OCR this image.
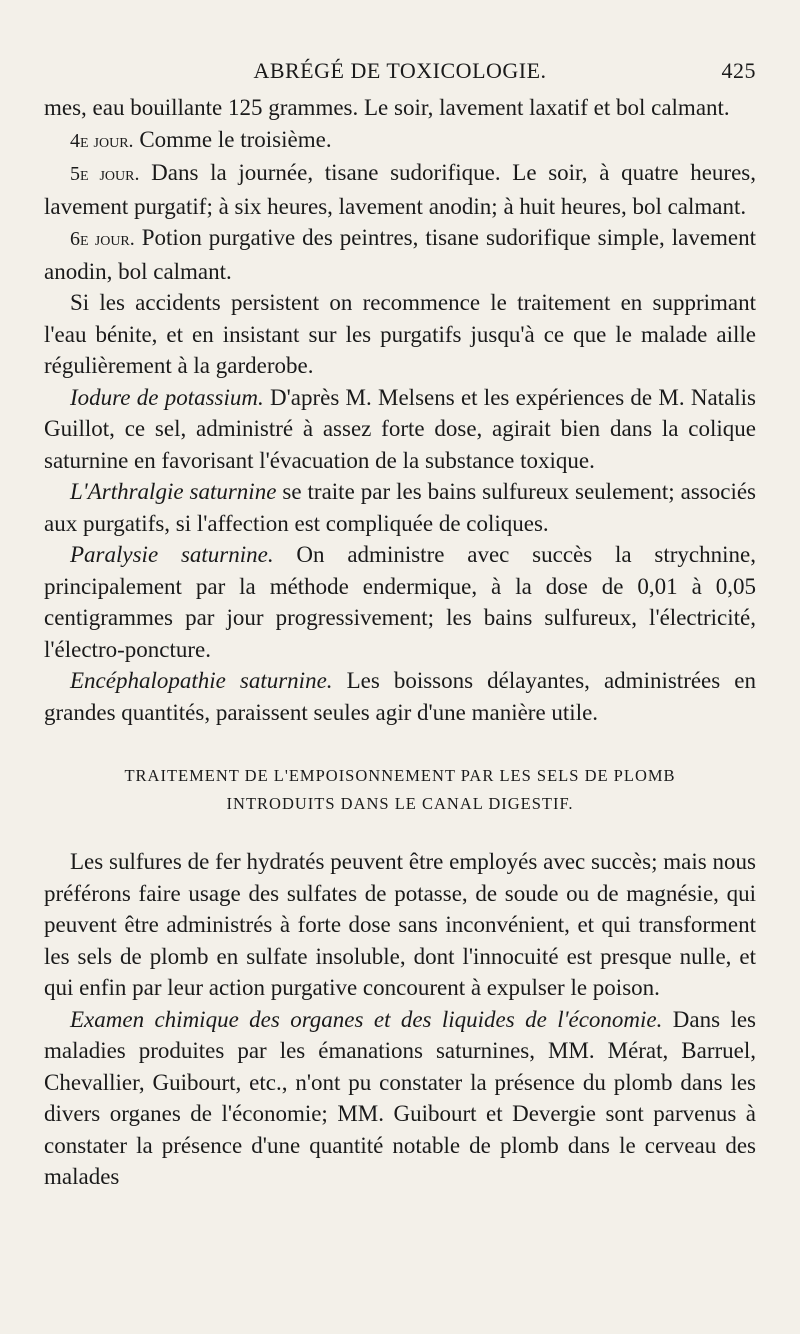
ABRÉGÉ DE TOXICOLOGIE.	425

mes, eau bouillante 125 grammes. Le soir, lavement laxatif et bol calmant.

4e jour. Comme le troisième.

5e jour. Dans la journée, tisane sudorifique. Le soir, à quatre heures, lavement purgatif; à six heures, lavement anodin; à huit heures, bol calmant.

6e jour. Potion purgative des peintres, tisane sudorifique simple, lavement anodin, bol calmant.

Si les accidents persistent on recommence le traitement en supprimant l'eau bénite, et en insistant sur les purgatifs jusqu'à ce que le malade aille régulièrement à la garderobe.

Iodure de potassium. D'après M. Melsens et les expériences de M. Natalis Guillot, ce sel, administré à assez forte dose, agirait bien dans la colique saturnine en favorisant l'évacuation de la substance toxique.

L'Arthralgie saturnine se traite par les bains sulfureux seulement; associés aux purgatifs, si l'affection est compliquée de coliques.

Paralysie saturnine. On administre avec succès la strychnine, principalement par la méthode endermique, à la dose de 0,01 à 0,05 centigrammes par jour progressivement; les bains sulfureux, l'électricité, l'électro-poncture.

Encéphalopathie saturnine. Les boissons délayantes, administrées en grandes quantités, paraissent seules agir d'une manière utile.

TRAITEMENT DE L'EMPOISONNEMENT PAR LES SELS DE PLOMB
INTRODUITS DANS LE CANAL DIGESTIF.

Les sulfures de fer hydratés peuvent être employés avec succès; mais nous préférons faire usage des sulfates de potasse, de soude ou de magnésie, qui peuvent être administrés à forte dose sans inconvénient, et qui transforment les sels de plomb en sulfate insoluble, dont l'innocuité est presque nulle, et qui enfin par leur action purgative concourent à expulser le poison.

Examen chimique des organes et des liquides de l'économie. Dans les maladies produites par les émanations saturnines, MM. Mérat, Barruel, Chevallier, Guibourt, etc., n'ont pu constater la présence du plomb dans les divers organes de l'économie; MM. Guibourt et Devergie sont parvenus à constater la présence d'une quantité notable de plomb dans le cerveau des malades
